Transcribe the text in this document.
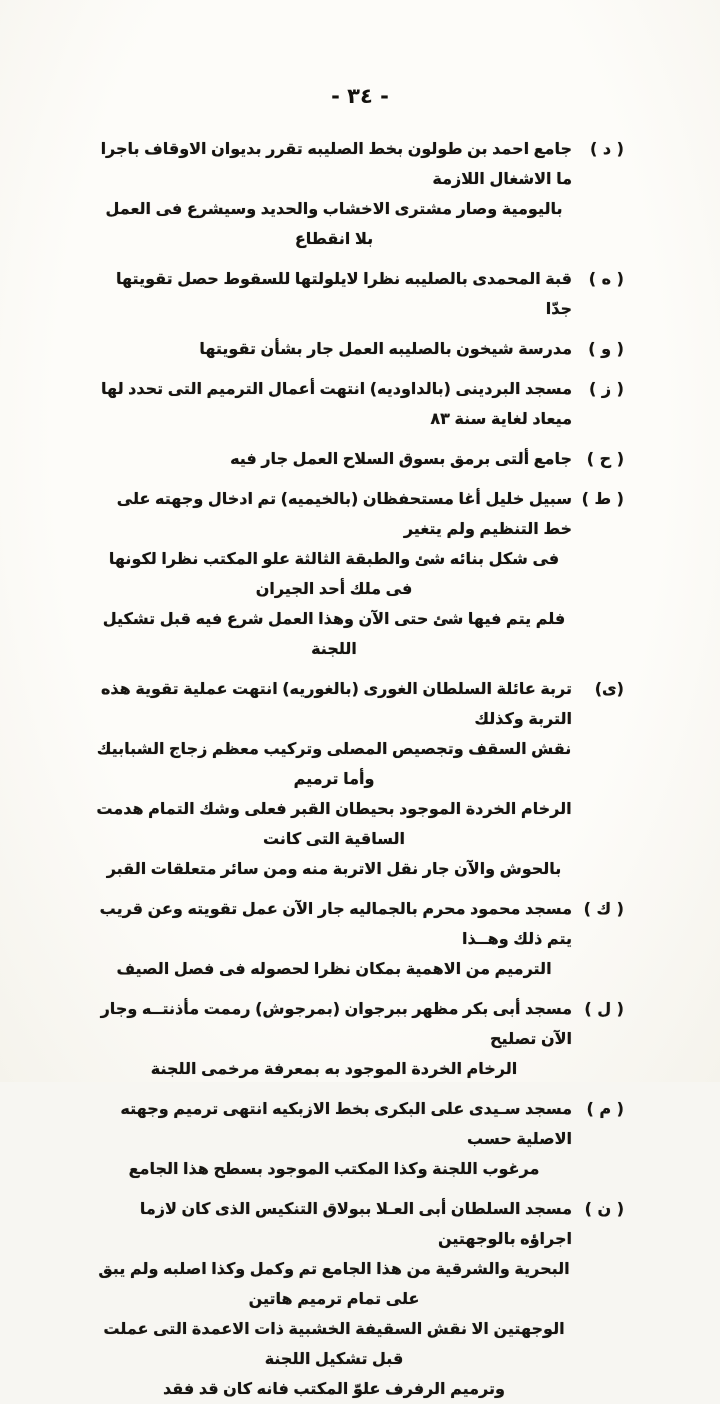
- ٣٤ -
( د )
جامع احمد بن طولون بخط الصليبه تقرر بديوان الاوقاف باجرا ما الاشغال اللازمة
باليومية وصار مشترى الاخشاب والحديد وسيشرع فى العمل بلا انقطاع
( ه )
قبة المحمدى بالصليبه نظرا لايلولتها للسقوط حصل تقويتها جدّا
( و )
مدرسة شيخون بالصليبه العمل جار بشأن تقويتها
( ز )
مسجد البردينى (بالداوديه) انتهت أعمال الترميم التى تحدد لها ميعاد لغاية سنة ٨٣
( ح )
جامع ألتى برمق بسوق السلاح العمل جار فيه
( ط )
سبيل خليل أغا مستحفظان (بالخيميه) تم ادخال وجهته على خط التنظيم ولم يتغير
فى شكل بنائه شئ والطبقة الثالثة علو المكتب نظرا لكونها فى ملك أحد الجيران
فلم يتم فيها شئ حتى الآن وهذا العمل شرع فيه قبل تشكيل اللجنة
(ى)
تربة عائلة السلطان الغورى (بالغوريه) انتهت عملية تقوية هذه التربة وكذلك
نقش السقف وتجصيص المصلى وتركيب معظم زجاج الشبابيك وأما ترميم
الرخام الخردة الموجود بحيطان القبر فعلى وشك التمام هدمت الساقية التى كانت
بالحوش والآن جار نقل الاتربة منه ومن سائر متعلقات القبر
( ك )
مسجد محمود محرم بالجماليه جار الآن عمل تقويته وعن قريب يتم ذلك وهــذا
الترميم من الاهمية بمكان نظرا لحصوله فى فصل الصيف
( ل )
مسجد أبى بكر مظهر ببرجوان (بمرجوش) رممت مأذنتــه وجار الآن تصليح
الرخام الخردة الموجود به بمعرفة مرخمى اللجنة
( م )
مسجد سـيدى على البكرى بخط الازبكيه انتهى ترميم وجهته الاصلية حسب
مرغوب اللجنة وكذا المكتب الموجود بسطح هذا الجامع
( ن )
مسجد السلطان أبى العـلا ببولاق التنكيس الذى كان لازما اجراؤه بالوجهتين
البحرية والشرقية من هذا الجامع تم وكمل وكذا اصلبه ولم يبق على تمام ترميم هاتين
الوجهتين الا نقش السقيفة الخشبية ذات الاعمدة التى عملت قبل تشكيل اللجنة
وترميم الرفرف علوّ المكتب فانه كان قد فقد
